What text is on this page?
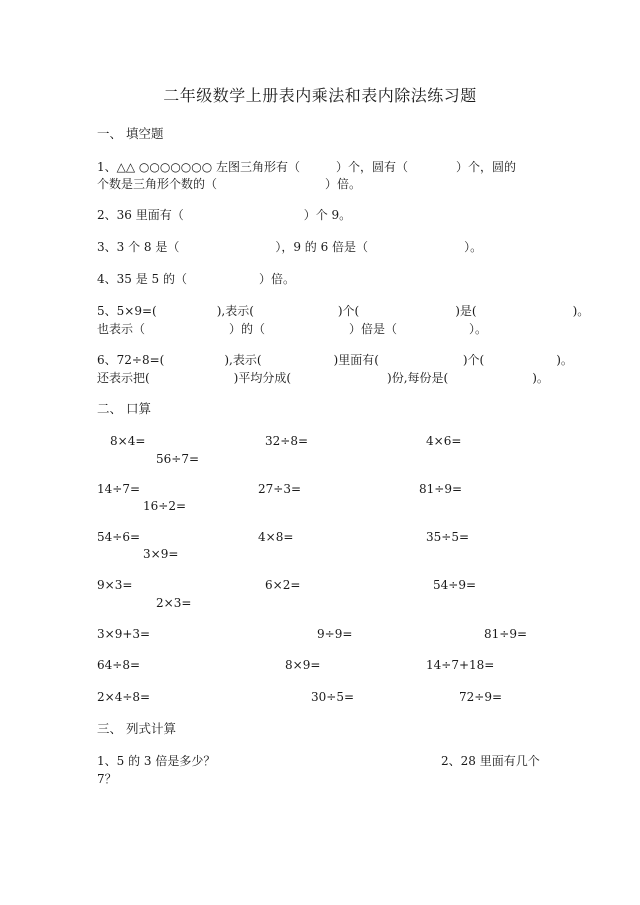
二年级数学上册表内乘法和表内除法练习题
一、 填空题
1、△△ ○○○○○○○ 左图三角形有（　　　）个，圆有（　　　　）个，圆的
个数是三角形个数的（　　　　　　　　　）倍。
2、36 里面有（　　　　　　　　　　）个 9。
3、3 个 8 是（　　　　　　　　），9 的 6 倍是（　　　　　　　　）。
4、35 是 5 的（　　　　　　）倍。
5、5×9=(　　　　　),表示(　　　　　　　)个(　　　　　　　　)是(　　　　　　　　)。
也表示（　　　　　　　）的（　　　　　　　）倍是（　　　　　　）。
6、72÷8=(　　　　　),表示(　　　　　　)里面有(　　　　　　　)个(　　　　　　)。
还表示把(　　　　　　　)平均分成(　　　　　　　　)份,每份是(　　　　　　　)。
二、 口算
8×4=	32÷8=	4×6=
56÷7=
14÷7=	27÷3=	81÷9=
16÷2=
54÷6=	4×8=	35÷5=
3×9=
9×3=	6×2=	54÷9=
2×3=
3×9+3=	9÷9=	81÷9=
64÷8=	8×9=	14÷7+18=
2×4÷8=	30÷5=	72÷9=
三、 列式计算
1、5 的 3 倍是多少？	2、28 里面有几个
7？
